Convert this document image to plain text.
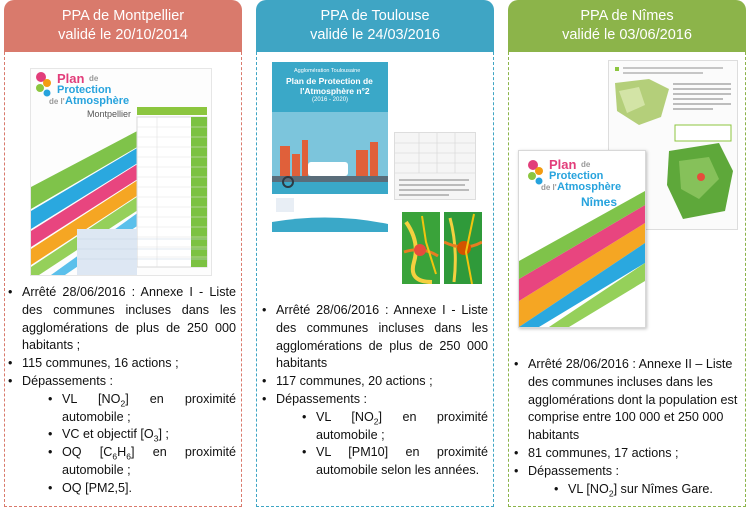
PPA de Montpellier
validé le 20/10/2014
Plan de
Protection
de l' Atmosphère
Montpellier
• Arrêté 28/06/2016 : Annexe I - Liste des communes incluses dans les agglomérations de plus de 250 000 habitants ;
• 115 communes, 16 actions ;
• Dépassements :
• VL $[NO_2]$ en proximité automobile ;
• VC et objectif $[O_3]$ ;
• OQ $[C_6H_6]$ en proximité automobile ;
• OQ [PM2,5].
PPA de Toulouse
validé le 24/03/2016
Agglomération Toulousaine
Plan de Protection de
l'Atmosphère n°2
(2016 - 2020)
• Arrêté 28/06/2016 : Annexe I - Liste des communes incluses dans les agglomérations de plus de 250 000 habitants
• 117 communes, 20 actions ;
• Dépassements :
• VL $[NO_2]$ en proximité automobile ;
• VL [PM10] en proximité automobile selon les années.
PPA de Nîmes
validé le 03/06/2016
Plan de
Protection
de l' Atmosphère
Nîmes
• Arrêté 28/06/2016 : Annexe II – Liste des communes incluses dans les agglomérations dont la population est comprise entre 100 000 et 250 000 habitants
• 81 communes, 17 actions ;
• Dépassements :
• VL $[NO_2]$ sur Nîmes Gare.
